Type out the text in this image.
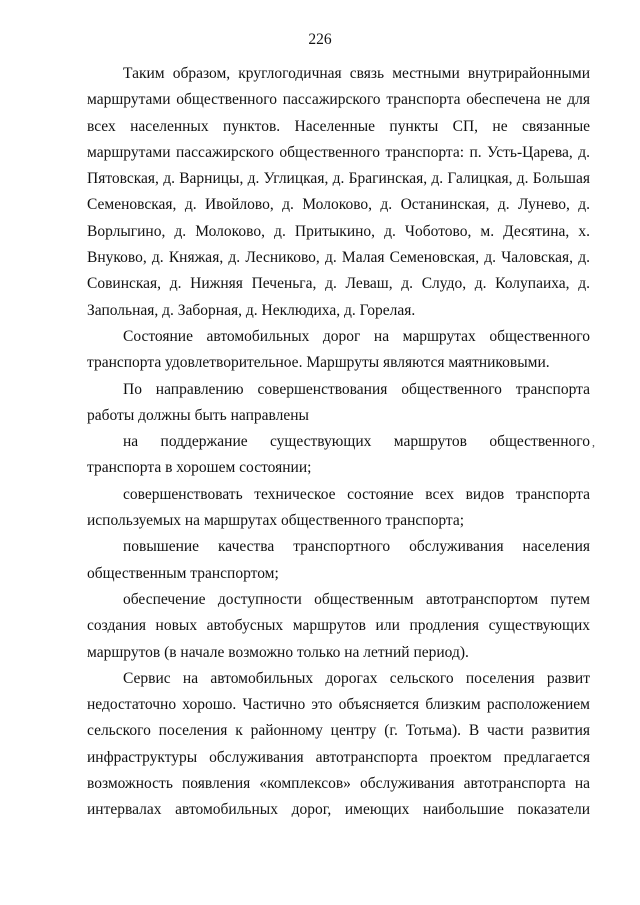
226

Таким образом, круглогодичная связь местными внутрирайонными маршрутами общественного пассажирского транспорта обеспечена не для всех населенных пунктов. Населенные пункты СП, не связанные маршрутами пассажирского общественного транспорта: п. Усть-Царева, д. Пятовская, д. Варницы, д. Углицкая, д. Брагинская, д. Галицкая, д. Большая Семеновская, д. Ивойлово, д. Молоково, д. Останинская, д. Лунево, д. Ворлыгино, д. Молоково, д. Притыкино, д. Чоботово, м. Десятина, х. Внуково, д. Княжая, д. Лесниково, д. Малая Семеновская, д. Чаловская, д. Совинская, д. Нижняя Печеньга, д. Леваш, д. Слудо, д. Колупаиха, д. Запольная, д. Заборная, д. Неклюдиха, д. Горелая.

Состояние автомобильных дорог на маршрутах общественного транспорта удовлетворительное. Маршруты являются маятниковыми.

По направлению совершенствования общественного транспорта работы должны быть направлены

на поддержание существующих маршрутов общественного транспорта в хорошем состоянии;

совершенствовать техническое состояние всех видов транспорта используемых на маршрутах общественного транспорта;

повышение качества транспортного обслуживания населения общественным транспортом;

обеспечение доступности общественным автотранспортом путем создания новых автобусных маршрутов или продления существующих маршрутов (в начале возможно только на летний период).

Сервис на автомобильных дорогах сельского поселения развит недостаточно хорошо. Частично это объясняется близким расположением сельского поселения к районному центру (г. Тотьма). В части развития инфраструктуры обслуживания автотранспорта проектом предлагается возможность появления «комплексов» обслуживания автотранспорта на интервалах автомобильных дорог, имеющих наибольшие показатели

,
